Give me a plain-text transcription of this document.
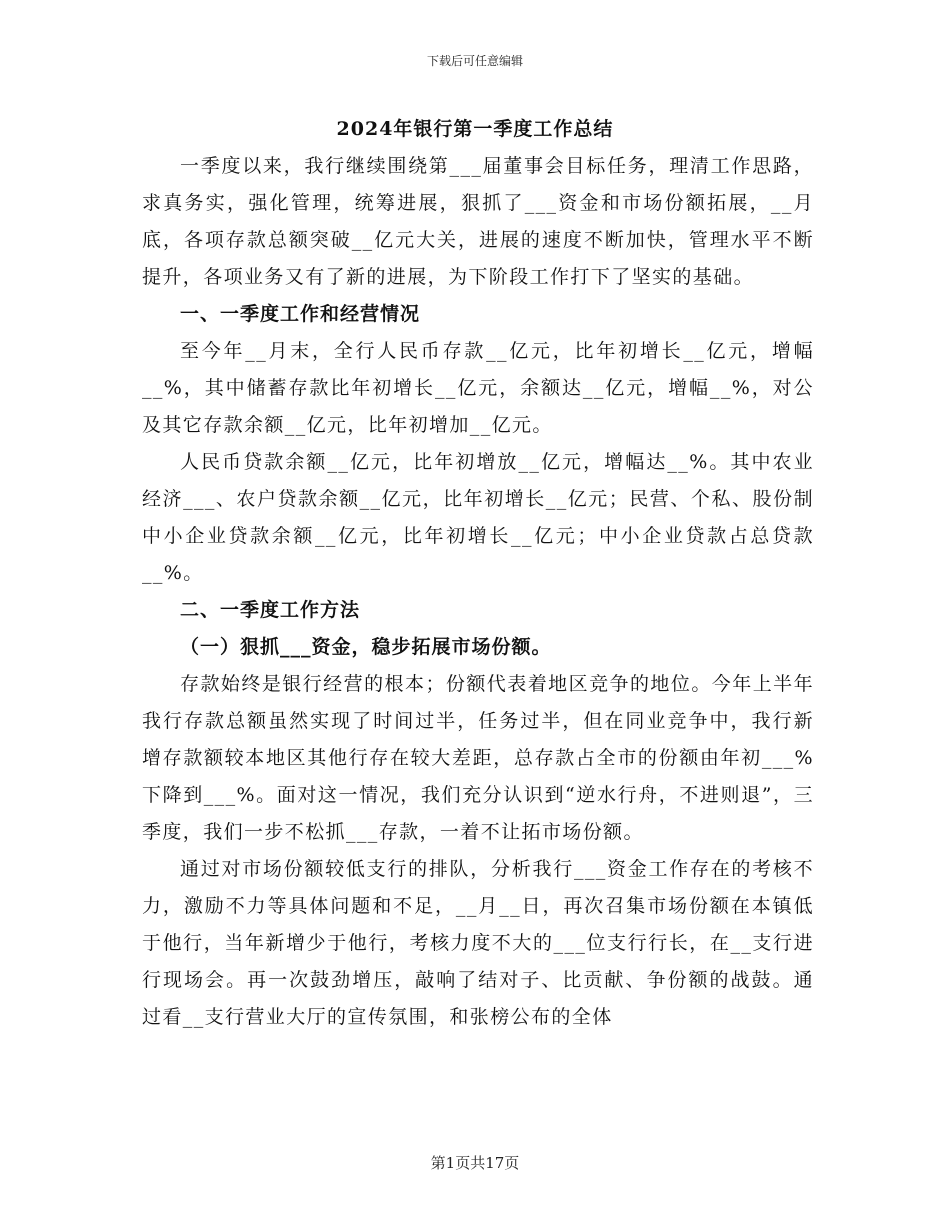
下载后可任意编辑
2024年银行第一季度工作总结

一季度以来，我行继续围绕第___届董事会目标任务，理清工作思路，求真务实，强化管理，统筹进展，狠抓了___资金和市场份额拓展，__月底，各项存款总额突破__亿元大关，进展的速度不断加快，管理水平不断提升，各项业务又有了新的进展，为下阶段工作打下了坚实的基础。

一、一季度工作和经营情况

至今年__月末，全行人民币存款__亿元，比年初增长__亿元，增幅__%，其中储蓄存款比年初增长__亿元，余额达__亿元，增幅__%，对公及其它存款余额__亿元，比年初增加__亿元。

人民币贷款余额__亿元，比年初增放__亿元，增幅达__%。其中农业经济___、农户贷款余额__亿元，比年初增长__亿元；民营、个私、股份制中小企业贷款余额__亿元，比年初增长__亿元；中小企业贷款占总贷款__%。

二、一季度工作方法

（一）狠抓___资金，稳步拓展市场份额。

存款始终是银行经营的根本；份额代表着地区竞争的地位。今年上半年我行存款总额虽然实现了时间过半，任务过半，但在同业竞争中，我行新增存款额较本地区其他行存在较大差距，总存款占全市的份额由年初___%下降到___%。面对这一情况，我们充分认识到“逆水行舟，不进则退”，三季度，我们一步不松抓___存款，一着不让拓市场份额。

通过对市场份额较低支行的排队，分析我行___资金工作存在的考核不力，激励不力等具体问题和不足，__月__日，再次召集市场份额在本镇低于他行，当年新增少于他行，考核力度不大的___位支行行长，在__支行进行现场会。再一次鼓劲增压，敲响了结对子、比贡献、争份额的战鼓。通过看__支行营业大厅的宣传氛围，和张榜公布的全体

第1页共17页
